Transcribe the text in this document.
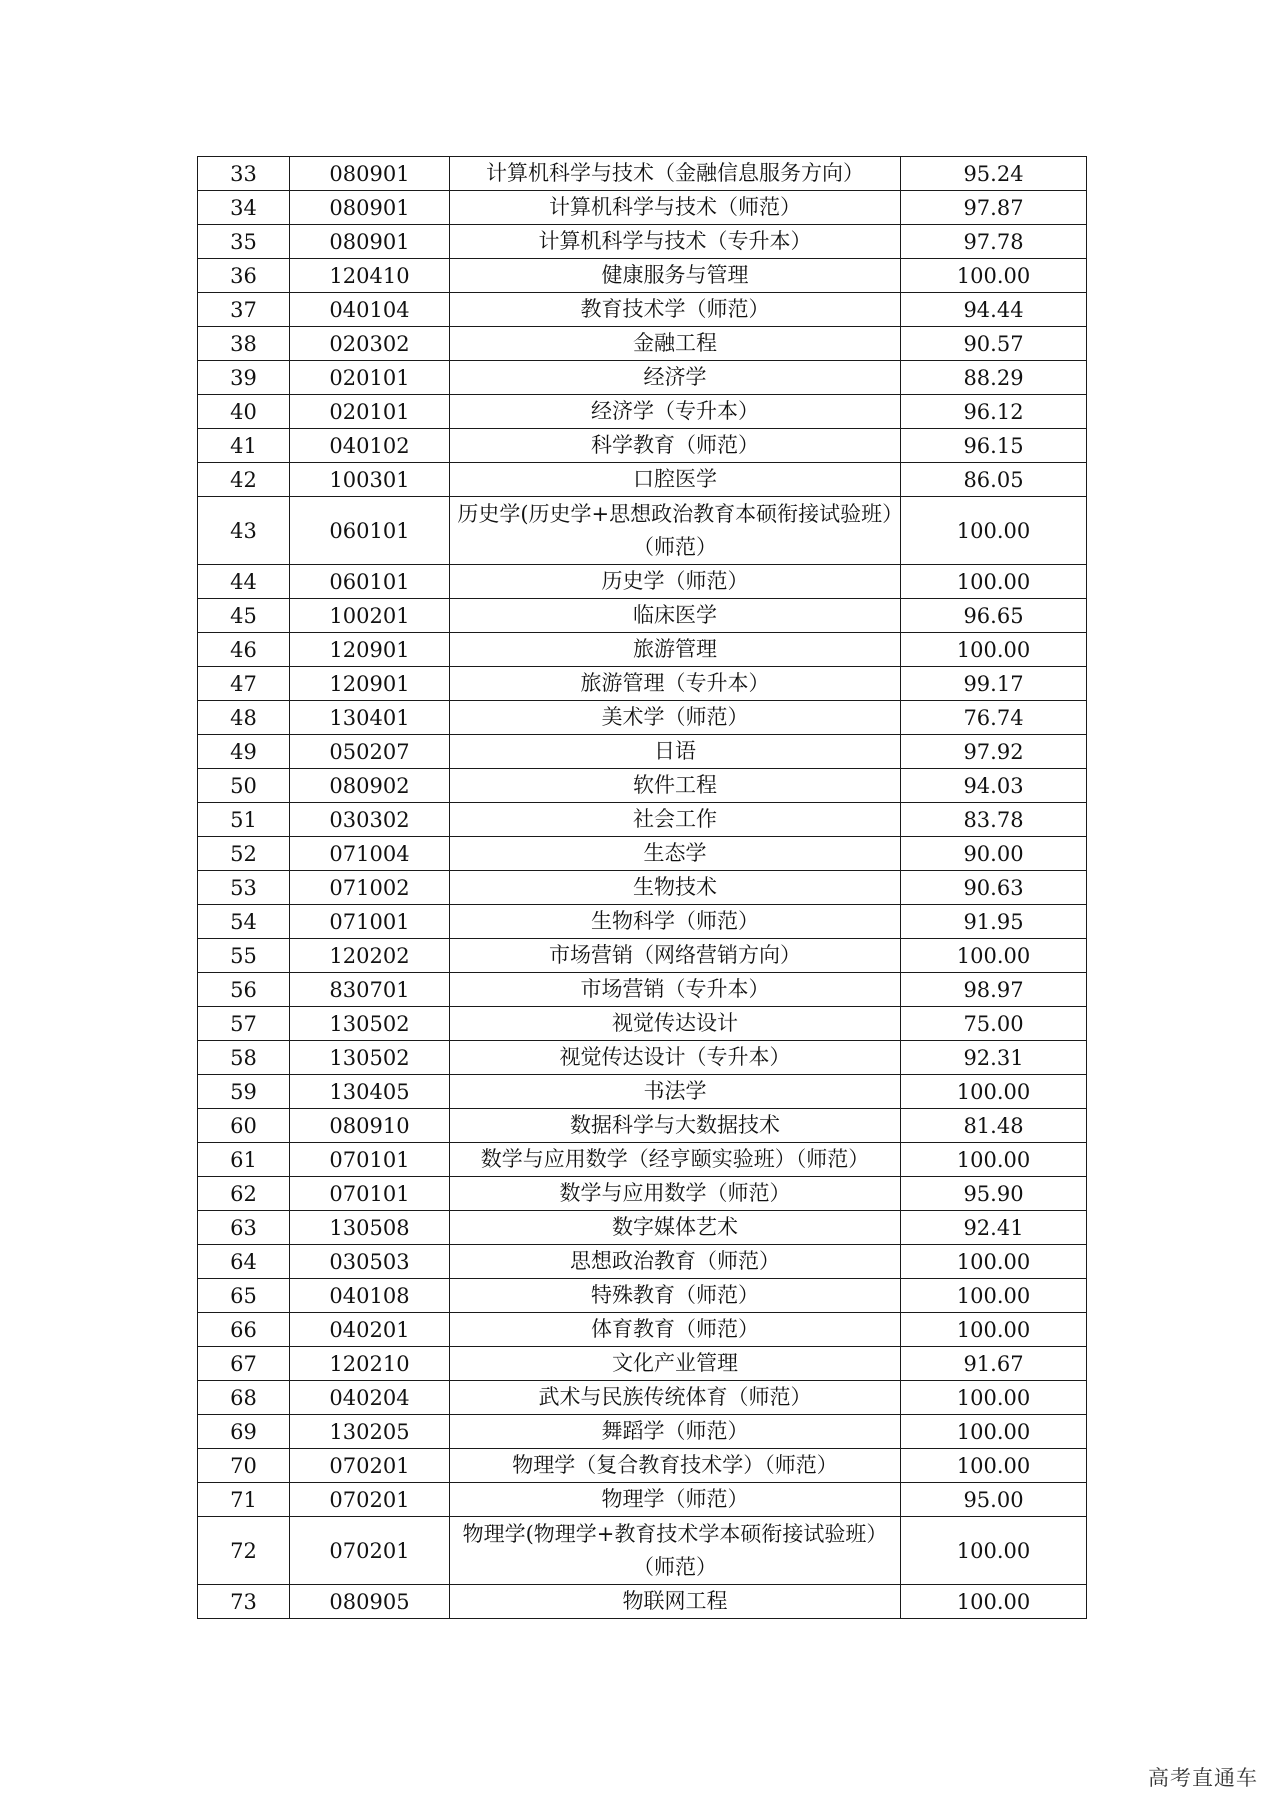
33	080901	计算机科学与技术（金融信息服务方向）	95.24
34	080901	计算机科学与技术（师范）	97.87
35	080901	计算机科学与技术（专升本）	97.78
36	120410	健康服务与管理	100.00
37	040104	教育技术学（师范）	94.44
38	020302	金融工程	90.57
39	020101	经济学	88.29
40	020101	经济学（专升本）	96.12
41	040102	科学教育（师范）	96.15
42	100301	口腔医学	86.05
43	060101	历史学(历史学+思想政治教育本硕衔接试验班）（师范）	100.00
44	060101	历史学（师范）	100.00
45	100201	临床医学	96.65
46	120901	旅游管理	100.00
47	120901	旅游管理（专升本）	99.17
48	130401	美术学（师范）	76.74
49	050207	日语	97.92
50	080902	软件工程	94.03
51	030302	社会工作	83.78
52	071004	生态学	90.00
53	071002	生物技术	90.63
54	071001	生物科学（师范）	91.95
55	120202	市场营销（网络营销方向）	100.00
56	830701	市场营销（专升本）	98.97
57	130502	视觉传达设计	75.00
58	130502	视觉传达设计（专升本）	92.31
59	130405	书法学	100.00
60	080910	数据科学与大数据技术	81.48
61	070101	数学与应用数学（经亨颐实验班）（师范）	100.00
62	070101	数学与应用数学（师范）	95.90
63	130508	数字媒体艺术	92.41
64	030503	思想政治教育（师范）	100.00
65	040108	特殊教育（师范）	100.00
66	040201	体育教育（师范）	100.00
67	120210	文化产业管理	91.67
68	040204	武术与民族传统体育（师范）	100.00
69	130205	舞蹈学（师范）	100.00
70	070201	物理学（复合教育技术学）（师范）	100.00
71	070201	物理学（师范）	95.00
72	070201	物理学(物理学+教育技术学本硕衔接试验班）（师范）	100.00
73	080905	物联网工程	100.00
高考直通车
